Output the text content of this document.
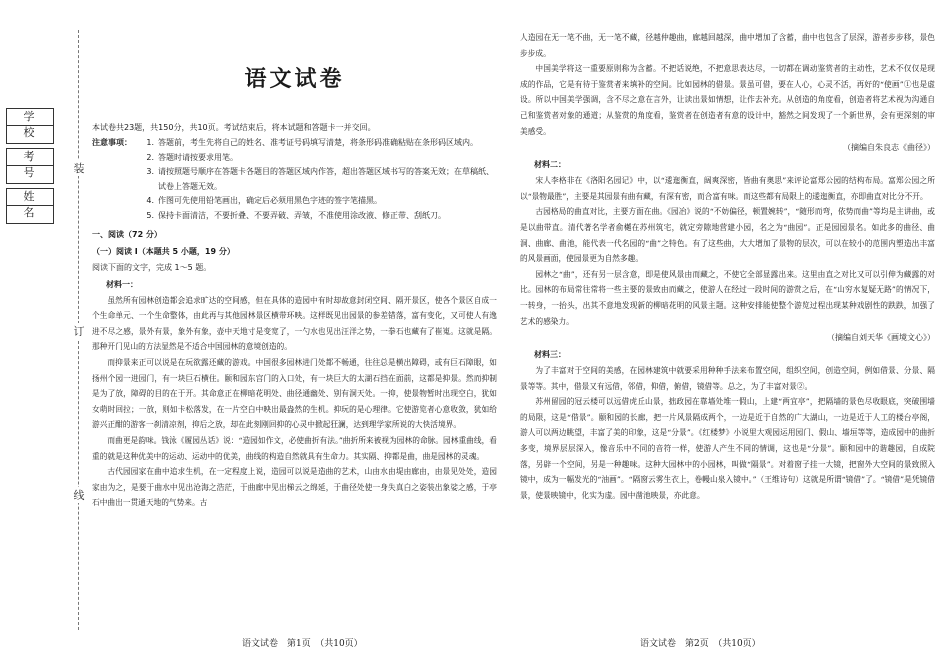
学 校
考 号
姓 名
装
订
线
语文试卷

本试卷共23题，共150分，共10页。考试结束后，将本试题和答题卡一并交回。

注意事项：	1. 答题前，考生先将自己的姓名、准考证号码填写清楚，将条形码准确粘贴在条形码区域内。
2. 答题时请按要求用笔。
3. 请按照题号顺序在答题卡各题目的答题区域内作答，超出答题区域书写的答案无效；在草稿纸、试卷上答题无效。
4. 作图可先使用铅笔画出，确定后必须用黑色字迹的签字笔描黑。
5. 保持卡面清洁，不要折叠、不要弄破、弄皱，不准使用涂改液、修正带、刮纸刀。

一、阅读（72 分）

（一）阅读 I（本题共 5 小题，19 分）

阅读下面的文字，完成 1～5 题。

材料一：

虽然所有园林创造都会追求旷达的空间感，但在具体的造园中有时却故意封闭空间、隔开景区，使各个景区自成一个生命单元、一个生命整体，由此再与其他园林景区横带环映。这样既见出园景的参差错落，富有变化，又可使人有逸进不尽之感，景外有景，象外有象，壶中天地寸是变宽了，一勺水也见出汪洋之势，一拳石也藏有了崔嵬。这就是隔。那种开门见山的方法显然是不适合中国园林的意境创造的。

而抑景来正可以说是在玩欲露还藏的游戏。中国很多园林进门处都不畅通，往往总是横出障碍，或有巨石障眼，如扬州个园一进园门，有一块巨石横住。颐和园东宫门的入口处，有一块巨大的太湖石挡在面前，这都是抑景。然而抑制是为了放，障碍的目的在于开。其命意正在柳暗花明处、曲径通幽处、别有洞天处。一抑，使景物暂时出现空白，犹如女萌时回拉；一放，则如卡松落发，在一片空白中映出最盎然的生机。抑玩的是心理律。它使游览者心意收敛，犹如给游兴正酣的游客一刹清凉剂，抑后之放，却在此刻刚回抑的心灵中掀起狂澜，达到理学家所说的大快活境界。

而曲更是韵味。钱泳《履园丛话》说：“造园如作文，必使曲折有法。”曲折所来被视为园林的命脉。园林重曲线，看重的就是这种优美中的运动、运动中的优美，曲线的构造自然就具有生命力。其实隔、抑都是曲，曲是园林的灵魂。

古代园园家在曲中追求生机，在一定程度上说，造园可以说是造曲的艺术，山由水由堤由廊由，由景见处处，造园家由为之，是要于曲水中见出沧海之浩茫，于曲廊中见出梯云之绵延，于曲径处使一身失真白之姿装出象娑之感，于亭石中曲出一贯通天地的气势来。古

语文试卷　第1页　（共10页）

人造园在无一笔不曲，无一笔不藏，径越仲趣曲，廊越回越深，曲中增加了含蓄，曲中也包含了层深，游者步步移，景色步步成。

中国美学将这一重要原则称为含蓄。不把话说绝，不把意思表达尽，一切都在调动鉴赏者的主动性，艺术不仅仅是现成的作品，它是有待于鉴赏者来填补的空间。比如园林的借景。景虽可借，要在人心，心灵不活，再好的“使画”①也是虚设。所以中国美学强调，含不尽之意在言外，让读出景如情想，让作去补充。从创造的角度看，创造者将艺术视为沟通自己和鉴赏者对象的通道；从鉴赏的角度看，鉴赏者在创造者有意的设计中，豁然之间发现了一个新世界，会有更深刻的审美感受。

（摘编自朱良志《曲径》）

材料二：

宋人李格非在《洛阳名园记》中，以“逶迤衡直，阔爽深密，皆曲有奥思”来评论富郑公园的结构布局。富郑公园之所以“景物最胜”，主要是其园景有曲有藏，有深有密，而合富有味。而这些都有局限上的逶迤衡直，亦即曲直对比分不开。

古园格局的曲直对比，主要方面在曲。《园冶》说的“不妨偏径，顿置婉转”，“随形而弯，依势而曲”等均是主讲曲，或是以曲带直。清代著名学者俞樾在苏州筑宅，就定旁隙地营建小园，名之为“曲园”。正是园园景名。如此多的曲径、曲洞、曲廊、曲池，能代表一代名园的“曲”之特色。有了这些曲，大大增加了景物的层次，可以在较小的范围内塑造出丰富的风景画面，使园景更为自然多趣。

园林之“曲”，还有另一层含意，即是使风景由而藏之，不使它全部显露出来。这里由直之对比又可以引伸为藏露的对比。园林的布局常往常将一些主要的景致由而藏之，使游人在经过一段时间的游赏之后，在“山穷水复疑无路”的情况下，一转身，一抬头，出其不意地发现新的柳暗花明的风景主题。这种安排能使整个游览过程出现某种戏剧性的跌跌，加强了艺术的感染力。

（摘编自刘天华《画境文心》）

材料三：

为了丰富对于空间的美感，在园林建筑中就要采用种种手法来布置空间，组织空间，创造空间，例如借景、分景、隔景等等。其中，借景又有远借，邻借，仰借，俯借，镜借等。总之，为了丰富对景②。

苏州留园的冠云楼可以远借虎丘山景，拙政园在靠墙处堆一假山，上建“两宜亭”，把隔墙的景色尽收眼底，突破围墙的局限，这是“借景”。颐和园的长廊，把一片风景隔成两个，一边是近于自然的广大湖山，一边是近于人工的楼台亭阁，游人可以两边眺望，丰富了美的印象，这是“分景”。《红楼梦》小说里大观园运用园门、假山、墙垣等等，造成园中的曲折多变，境界层层深入，像音乐中不同的音符一样，使游人产生不同的情调，这也是“分景”。颐和园中的谐趣园，自成院落，另辟一个空间，另是一种趣味。这种大园林中的小园林，叫做“隔景”。对着窗子挂一大镜，把窗外大空间的景致照入镜中，成为一幅发光的“油画”。“隔窗云雾生衣上，卷幔山泉入镜中。”（王维诗句）这就是所谓“镜借”了。“镜借”是凭镜借景，使景映镜中，化实为虚。园中凿池映景，亦此意。

语文试卷　第2页　（共10页）
